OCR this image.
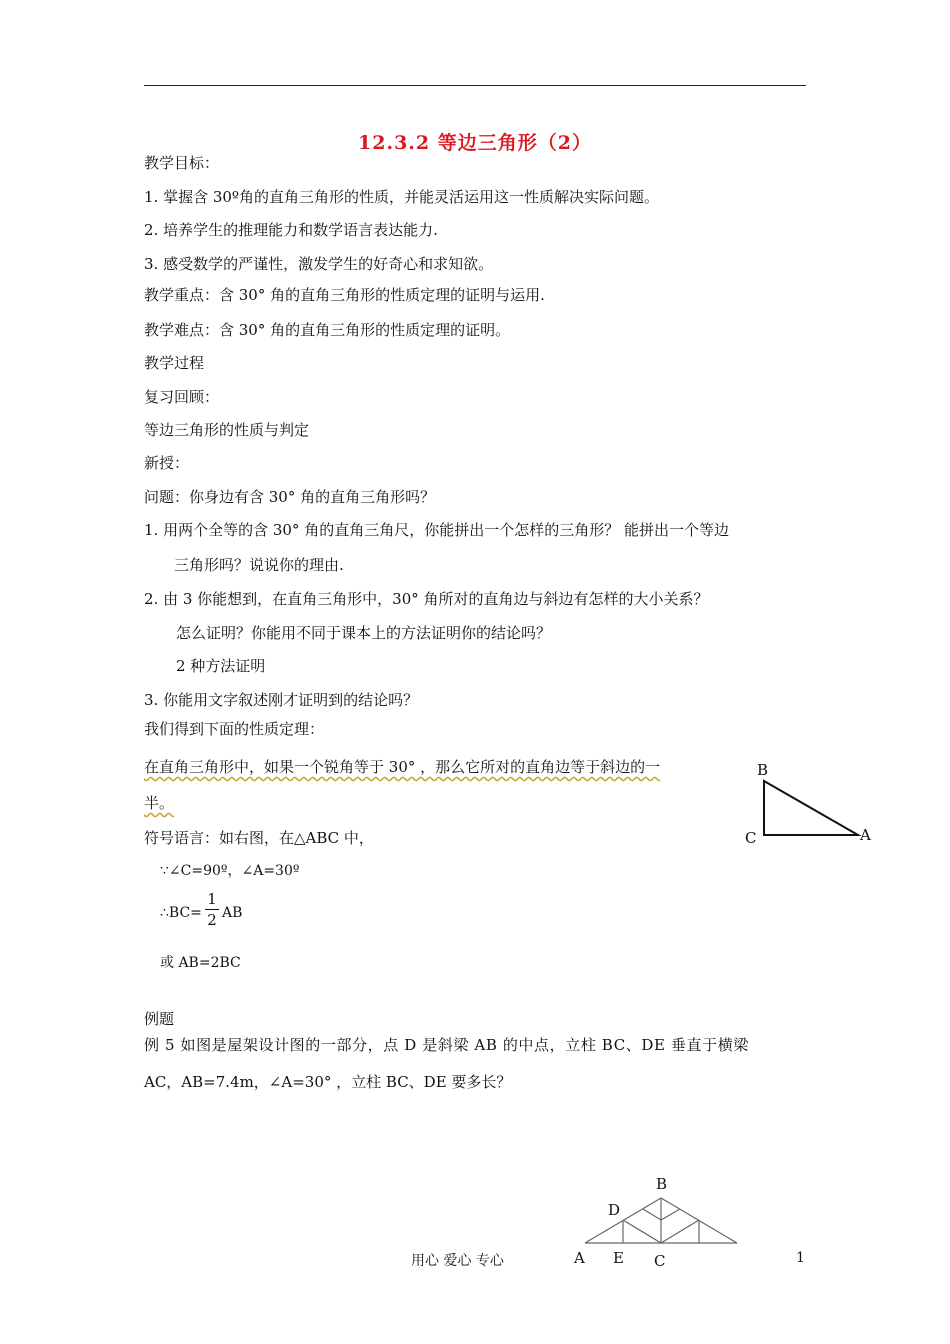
12.3.2 等边三角形（2）
教学目标：
1. 掌握含 30º角的直角三角形的性质，并能灵活运用这一性质解决实际问题。
2. 培养学生的推理能力和数学语言表达能力.
3. 感受数学的严谨性，激发学生的好奇心和求知欲。
教学重点：含 30° 角的直角三角形的性质定理的证明与运用.
教学难点：含 30° 角的直角三角形的性质定理的证明。
教学过程
复习回顾：
等边三角形的性质与判定
新授：
问题：你身边有含 30° 角的直角三角形吗？
1. 用两个全等的含 30° 角的直角三角尺，你能拼出一个怎样的三角形？ 能拼出一个等边
三角形吗？说说你的理由.
2. 由 3 你能想到，在直角三角形中，30° 角所对的直角边与斜边有怎样的大小关系？
怎么证明？你能用不同于课本上的方法证明你的结论吗？
2 种方法证明
3. 你能用文字叙述刚才证明到的结论吗？
我们得到下面的性质定理：
在直角三角形中，如果一个锐角等于 30° ，那么它所对的直角边等于斜边的一
半。
符号语言：如右图，在△ABC 中，
∵∠C=90º，∠A=30º
∴BC=
1
2 AB
或 AB=2BC
例题
例 5 如图是屋架设计图的一部分，点 D 是斜梁 AB 的中点，立柱 BC、DE 垂直于横梁
AC，AB=7.4m，∠A=30° ，立柱 BC、DE 要多长？
B
C	A
B
D
A E C
用心 爱心 专心	1
